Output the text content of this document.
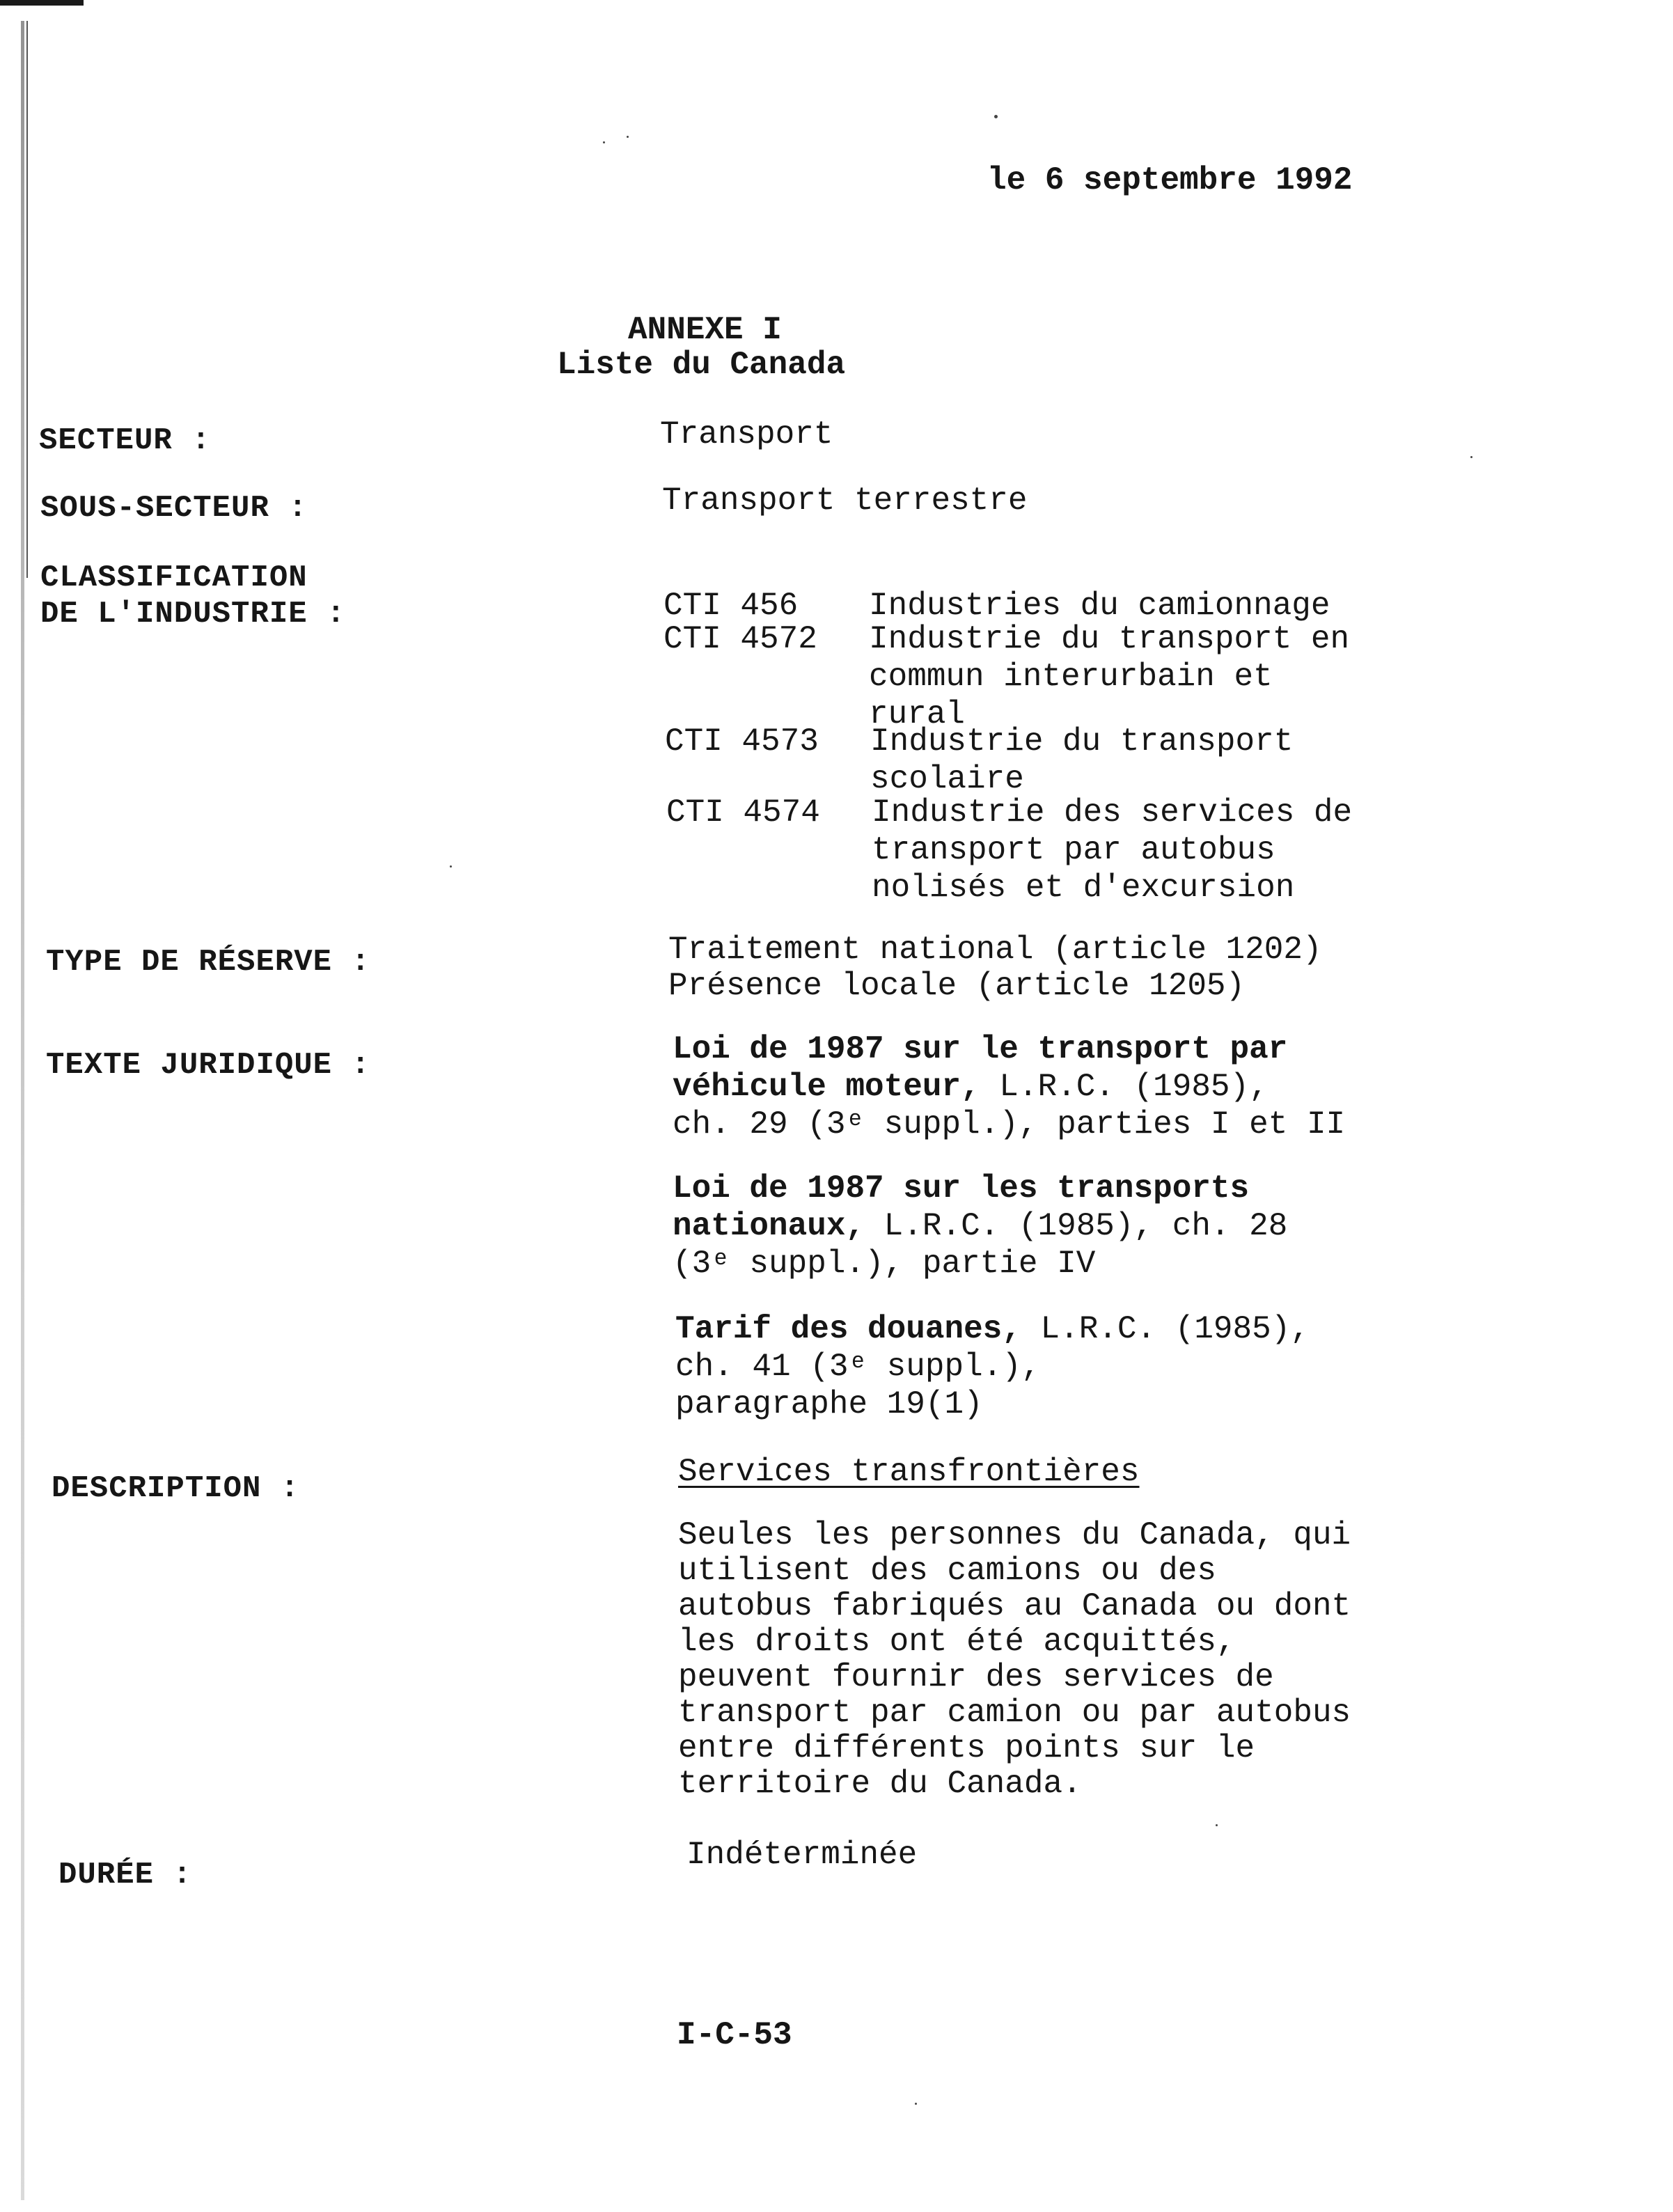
le 6 septembre 1992
ANNEXE I
Liste du Canada
SECTEUR :	Transport
SOUS-SECTEUR :	Transport terrestre
CLASSIFICATION
DE L'INDUSTRIE :	CTI 456 Industries du camionnage
CTI 4572 Industrie du transport en
commun interurbain et
rural
CTI 4573 Industrie du transport
scolaire
CTI 4574 Industrie des services de
transport par autobus
nolisés et d'excursion
TYPE DE RÉSERVE :	Traitement national (article 1202)
Présence locale (article 1205)
TEXTE JURIDIQUE :	Loi de 1987 sur le transport par
véhicule moteur, L.R.C. (1985),
ch. 29 (3ᵉ suppl.), parties I et II
Loi de 1987 sur les transports
nationaux, L.R.C. (1985), ch. 28
(3ᵉ suppl.), partie IV
Tarif des douanes, L.R.C. (1985),
ch. 41 (3ᵉ suppl.),
paragraphe 19(1)
DESCRIPTION :	Services transfrontières
Seules les personnes du Canada, qui
utilisent des camions ou des
autobus fabriqués au Canada ou dont
les droits ont été acquittés,
peuvent fournir des services de
transport par camion ou par autobus
entre différents points sur le
territoire du Canada.
DURÉE :
Indéterminée
I-C-53
